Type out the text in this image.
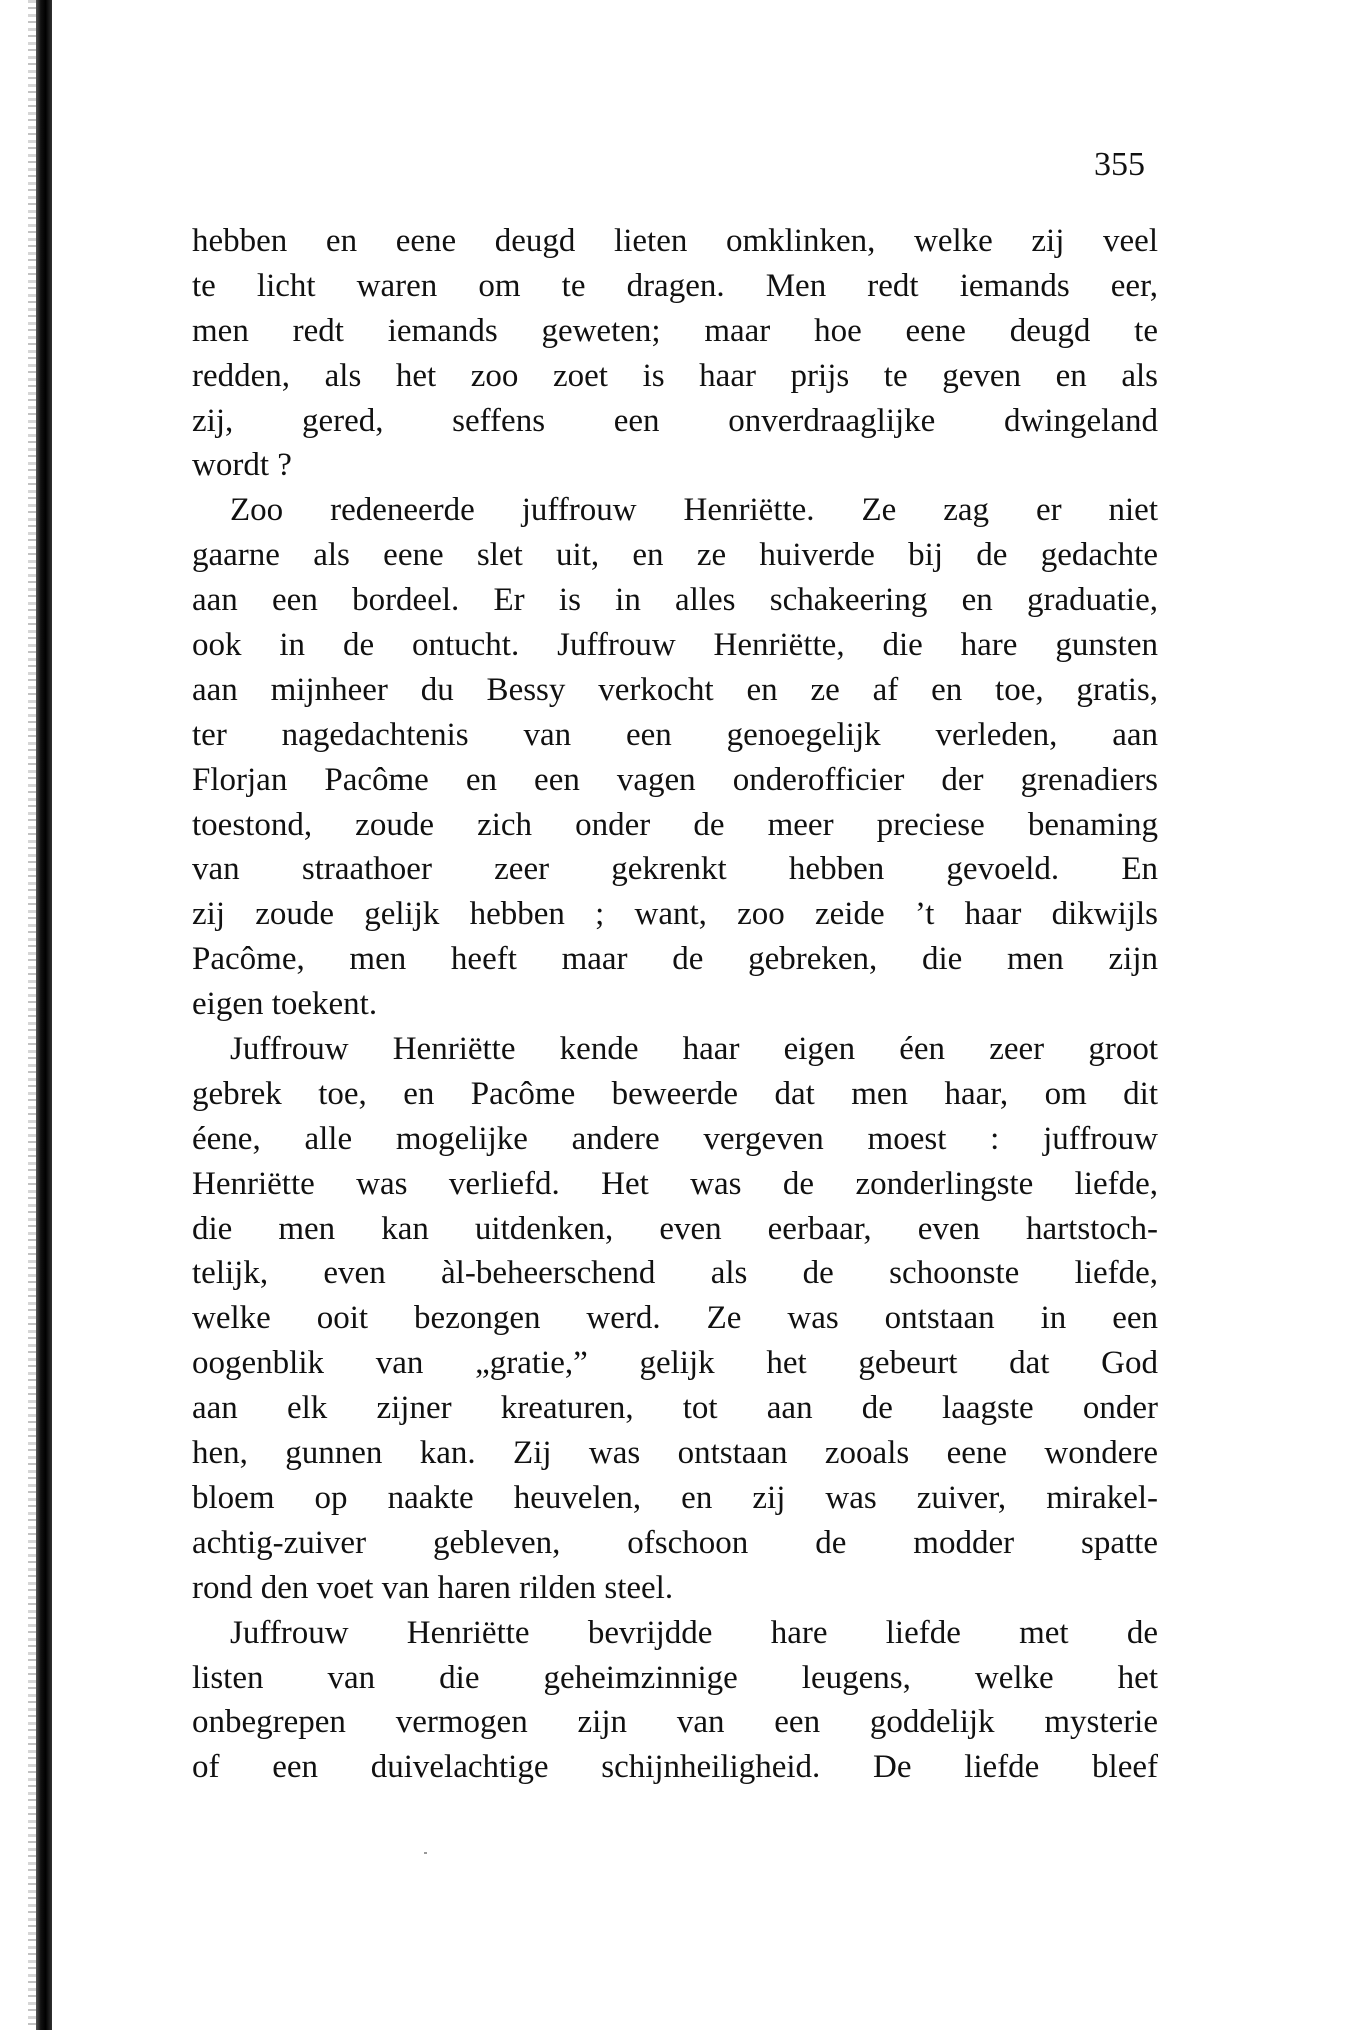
355
hebben en eene deugd lieten omklinken, welke zij veel
te licht waren om te dragen. Men redt iemands eer,
men redt iemands geweten; maar hoe eene deugd te
redden, als het zoo zoet is haar prijs te geven en als
zij, gered, seffens een onverdraaglijke dwingeland
wordt ?
Zoo redeneerde juffrouw Henriëtte. Ze zag er niet
gaarne als eene slet uit, en ze huiverde bij de gedachte
aan een bordeel. Er is in alles schakeering en graduatie,
ook in de ontucht. Juffrouw Henriëtte, die hare gunsten
aan mijnheer du Bessy verkocht en ze af en toe, gratis,
ter nagedachtenis van een genoegelijk verleden, aan
Florjan Pacôme en een vagen onderofficier der grenadiers
toestond, zoude zich onder de meer preciese benaming
van straathoer zeer gekrenkt hebben gevoeld. En
zij zoude gelijk hebben ; want, zoo zeide ’t haar dikwijls
Pacôme, men heeft maar de gebreken, die men zijn
eigen toekent.
Juffrouw Henriëtte kende haar eigen éen zeer groot
gebrek toe, en Pacôme beweerde dat men haar, om dit
éene, alle mogelijke andere vergeven moest : juffrouw
Henriëtte was verliefd. Het was de zonderlingste liefde,
die men kan uitdenken, even eerbaar, even hartstoch-
telijk, even àl-beheerschend als de schoonste liefde,
welke ooit bezongen werd. Ze was ontstaan in een
oogenblik van „gratie,” gelijk het gebeurt dat God
aan elk zijner kreaturen, tot aan de laagste onder
hen, gunnen kan. Zij was ontstaan zooals eene wondere
bloem op naakte heuvelen, en zij was zuiver, mirakel-
achtig-zuiver gebleven, ofschoon de modder spatte
rond den voet van haren rilden steel.
Juffrouw Henriëtte bevrijdde hare liefde met de
listen van die geheimzinnige leugens, welke het
onbegrepen vermogen zijn van een goddelijk mysterie
of een duivelachtige schijnheiligheid. De liefde bleef
